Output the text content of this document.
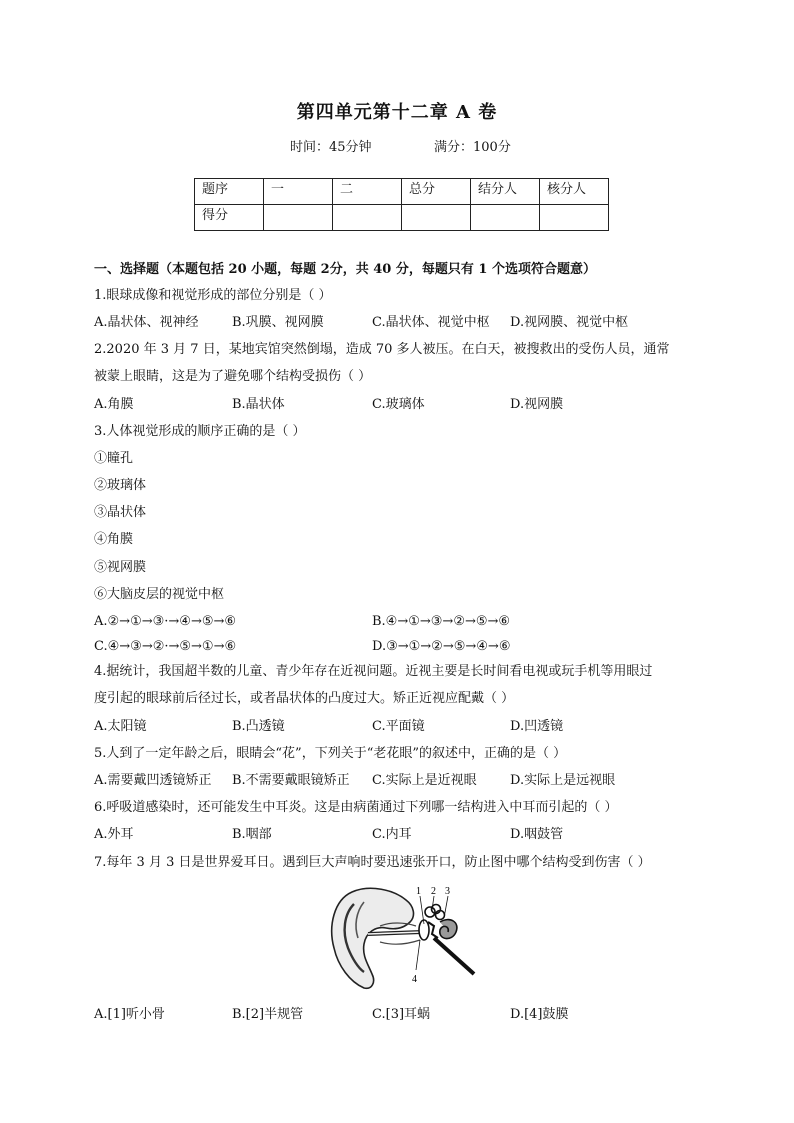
第四单元第十二章 A 卷
时间：45分钟	满分：100分
题序	一	二	总分	结分人	核分人
得分					
一、选择题（本题包括 20 小题，每题 2分，共 40 分，每题只有 1 个选项符合题意）
1.眼球成像和视觉形成的部位分别是（ ）
A.晶状体、视神经	B.巩膜、视网膜	C.晶状体、视觉中枢 D.视网膜、视觉中枢
2.2020 年 3 月 7 日，某地宾馆突然倒塌，造成 70 多人被压。在白天，被搜救出的受伤人员，通常
被蒙上眼睛，这是为了避免哪个结构受损伤（ ）
A.角膜	B.晶状体	C.玻璃体	D.视网膜
3.人体视觉形成的顺序正确的是（ ）
①瞳孔
②玻璃体
③晶状体
④角膜
⑤视网膜
⑥大脑皮层的视觉中枢
A.②→①→③·→④→⑤→⑥	B.④→①→③→②→⑤→⑥
C.④→③→②·→⑤→①→⑥	D.③→①→②→⑤→④→⑥
4.据统计，我国超半数的儿童、青少年存在近视问题。近视主要是长时间看电视或玩手机等用眼过
度引起的眼球前后径过长，或者晶状体的凸度过大。矫正近视应配戴（ ）
A.太阳镜	B.凸透镜	C.平面镜	D.凹透镜
5.人到了一定年龄之后，眼睛会“花”，下列关于“老花眼”的叙述中，正确的是（ ）
A.需要戴凹透镜矫正 B.不需要戴眼镜矫正 C.实际上是近视眼	D.实际上是远视眼
6.呼吸道感染时，还可能发生中耳炎。这是由病菌通过下列哪一结构进入中耳而引起的（ ）
A.外耳	B.咽部	C.内耳	D.咽鼓管
7.每年 3 月 3 日是世界爱耳日。遇到巨大声响时要迅速张开口，防止图中哪个结构受到伤害（ ）
1 2 3
4
A.[1]听小骨	B.[2]半规管	C.[3]耳蜗	D.[4]鼓膜
